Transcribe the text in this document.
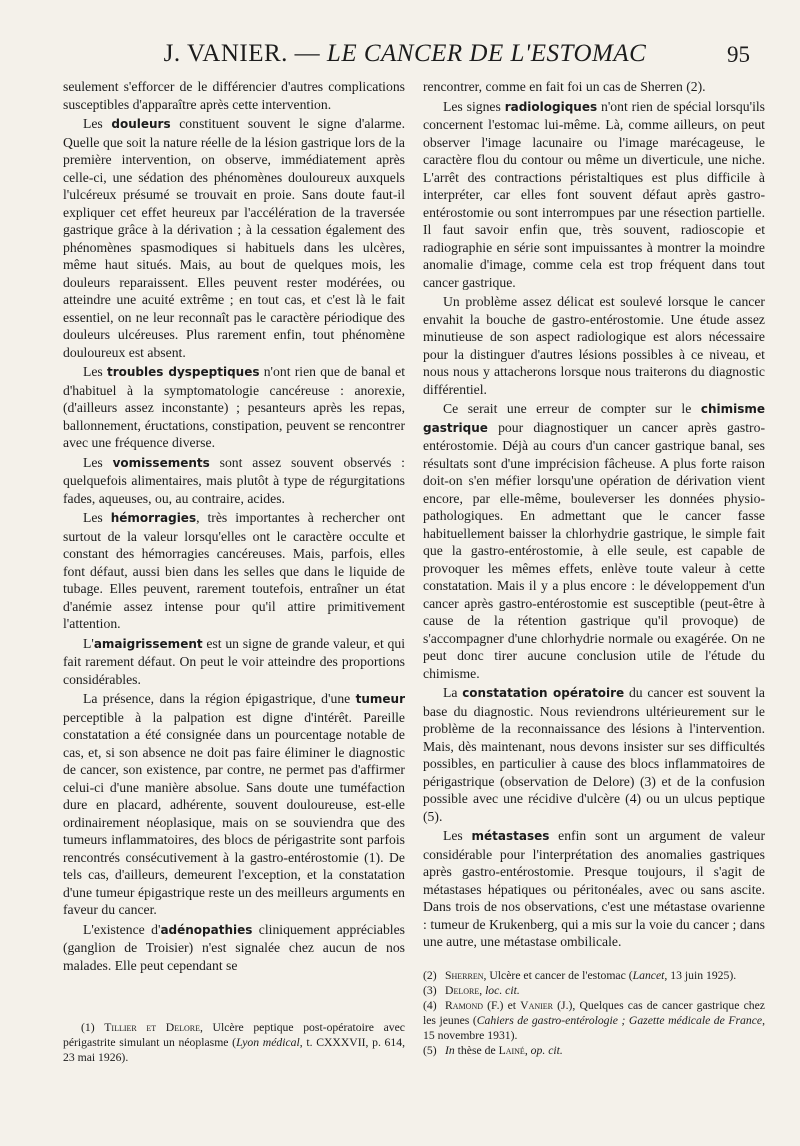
J. VANIER. — LE CANCER DE L'ESTOMAC	95

seulement s'efforcer de le différencier d'autres complications susceptibles d'apparaître après cette intervention.

Les douleurs constituent souvent le signe d'alarme. Quelle que soit la nature réelle de la lésion gastrique lors de la première intervention, on observe, immédiatement après celle-ci, une sédation des phénomènes douloureux auxquels l'ulcéreux présumé se trouvait en proie. Sans doute faut-il expliquer cet effet heureux par l'accélération de la traversée gastrique grâce à la dérivation ; à la cessation également des phénomènes spasmodiques si habituels dans les ulcères, même haut situés. Mais, au bout de quelques mois, les douleurs reparaissent. Elles peuvent rester modérées, ou atteindre une acuité extrême ; en tout cas, et c'est là le fait essentiel, on ne leur reconnaît pas le caractère périodique des douleurs ulcéreuses. Plus rarement enfin, tout phénomène douloureux est absent.

Les troubles dyspeptiques n'ont rien que de banal et d'habituel à la symptomatologie cancéreuse : anorexie, (d'ailleurs assez inconstante) ; pesanteurs après les repas, ballonnement, éructations, constipation, peuvent se rencontrer avec une fréquence diverse.

Les vomissements sont assez souvent observés : quelquefois alimentaires, mais plutôt à type de régurgitations fades, aqueuses, ou, au contraire, acides.

Les hémorragies, très importantes à rechercher ont surtout de la valeur lorsqu'elles ont le caractère occulte et constant des hémorragies cancéreuses. Mais, parfois, elles font défaut, aussi bien dans les selles que dans le liquide de tubage. Elles peuvent, rarement toutefois, entraîner un état d'anémie assez intense pour qu'il attire primitivement l'attention.

L'amaigrissement est un signe de grande valeur, et qui fait rarement défaut. On peut le voir atteindre des proportions considérables.

La présence, dans la région épigastrique, d'une tumeur perceptible à la palpation est digne d'intérêt. Pareille constatation a été consignée dans un pourcentage notable de cas, et, si son absence ne doit pas faire éliminer le diagnostic de cancer, son existence, par contre, ne permet pas d'affirmer celui-ci d'une manière absolue. Sans doute une tuméfaction dure en placard, adhérente, souvent douloureuse, est-elle ordinairement néoplasique, mais on se souviendra que des tumeurs inflammatoires, des blocs de périgastrite sont parfois rencontrés consécutivement à la gastro-entérostomie (1). De tels cas, d'ailleurs, demeurent l'exception, et la constatation d'une tumeur épigastrique reste un des meilleurs arguments en faveur du cancer.

L'existence d'adénopathies cliniquement appréciables (ganglion de Troisier) n'est signalée chez aucun de nos malades. Elle peut cependant se

(1) Tillier et Delore, Ulcère peptique post-opératoire avec périgastrite simulant un néoplasme (Lyon médical, t. CXXXVII, p. 614, 23 mai 1926).

rencontrer, comme en fait foi un cas de Sherren (2).

Les signes radiologiques n'ont rien de spécial lorsqu'ils concernent l'estomac lui-même. Là, comme ailleurs, on peut observer l'image lacunaire ou l'image marécageuse, le caractère flou du contour ou même un diverticule, une niche. L'arrêt des contractions péristaltiques est plus difficile à interpréter, car elles font souvent défaut après gastro-entérostomie ou sont interrompues par une résection partielle. Il faut savoir enfin que, très souvent, radioscopie et radiographie en série sont impuissantes à montrer la moindre anomalie d'image, comme cela est trop fréquent dans tout cancer gastrique.

Un problème assez délicat est soulevé lorsque le cancer envahit la bouche de gastro-entérostomie. Une étude assez minutieuse de son aspect radiologique est alors nécessaire pour la distinguer d'autres lésions possibles à ce niveau, et nous nous y attacherons lorsque nous traiterons du diagnostic différentiel.

Ce serait une erreur de compter sur le chimisme gastrique pour diagnostiquer un cancer après gastro-entérostomie. Déjà au cours d'un cancer gastrique banal, ses résultats sont d'une imprécision fâcheuse. A plus forte raison doit-on s'en méfier lorsqu'une opération de dérivation vient encore, par elle-même, bouleverser les données physio-pathologiques. En admettant que le cancer fasse habituellement baisser la chlorhydrie gastrique, le simple fait que la gastro-entérostomie, à elle seule, est capable de provoquer les mêmes effets, enlève toute valeur à cette constatation. Mais il y a plus encore : le développement d'un cancer après gastro-entérostomie est susceptible (peut-être à cause de la rétention gastrique qu'il provoque) de s'accompagner d'une chlorhydrie normale ou exagérée. On ne peut donc tirer aucune conclusion utile de l'étude du chimisme.

La constatation opératoire du cancer est souvent la base du diagnostic. Nous reviendrons ultérieurement sur le problème de la reconnaissance des lésions à l'intervention. Mais, dès maintenant, nous devons insister sur ses difficultés possibles, en particulier à cause des blocs inflammatoires de périgastrique (observation de Delore) (3) et de la confusion possible avec une récidive d'ulcère (4) ou un ulcus peptique (5).

Les métastases enfin sont un argument de valeur considérable pour l'interprétation des anomalies gastriques après gastro-entérostomie. Presque toujours, il s'agit de métastases hépatiques ou péritonéales, avec ou sans ascite. Dans trois de nos observations, c'est une métastase ovarienne : tumeur de Krukenberg, qui a mis sur la voie du cancer ; dans une autre, une métastase ombilicale.

(2) Sherren, Ulcère et cancer de l'estomac (Lancet, 13 juin 1925).

(3) Delore, loc. cit.

(4) Ramond (F.) et Vanier (J.), Quelques cas de cancer gastrique chez les jeunes (Cahiers de gastro-entérologie ; Gazette médicale de France, 15 novembre 1931).

(5) In thèse de Lainé, op. cit.
